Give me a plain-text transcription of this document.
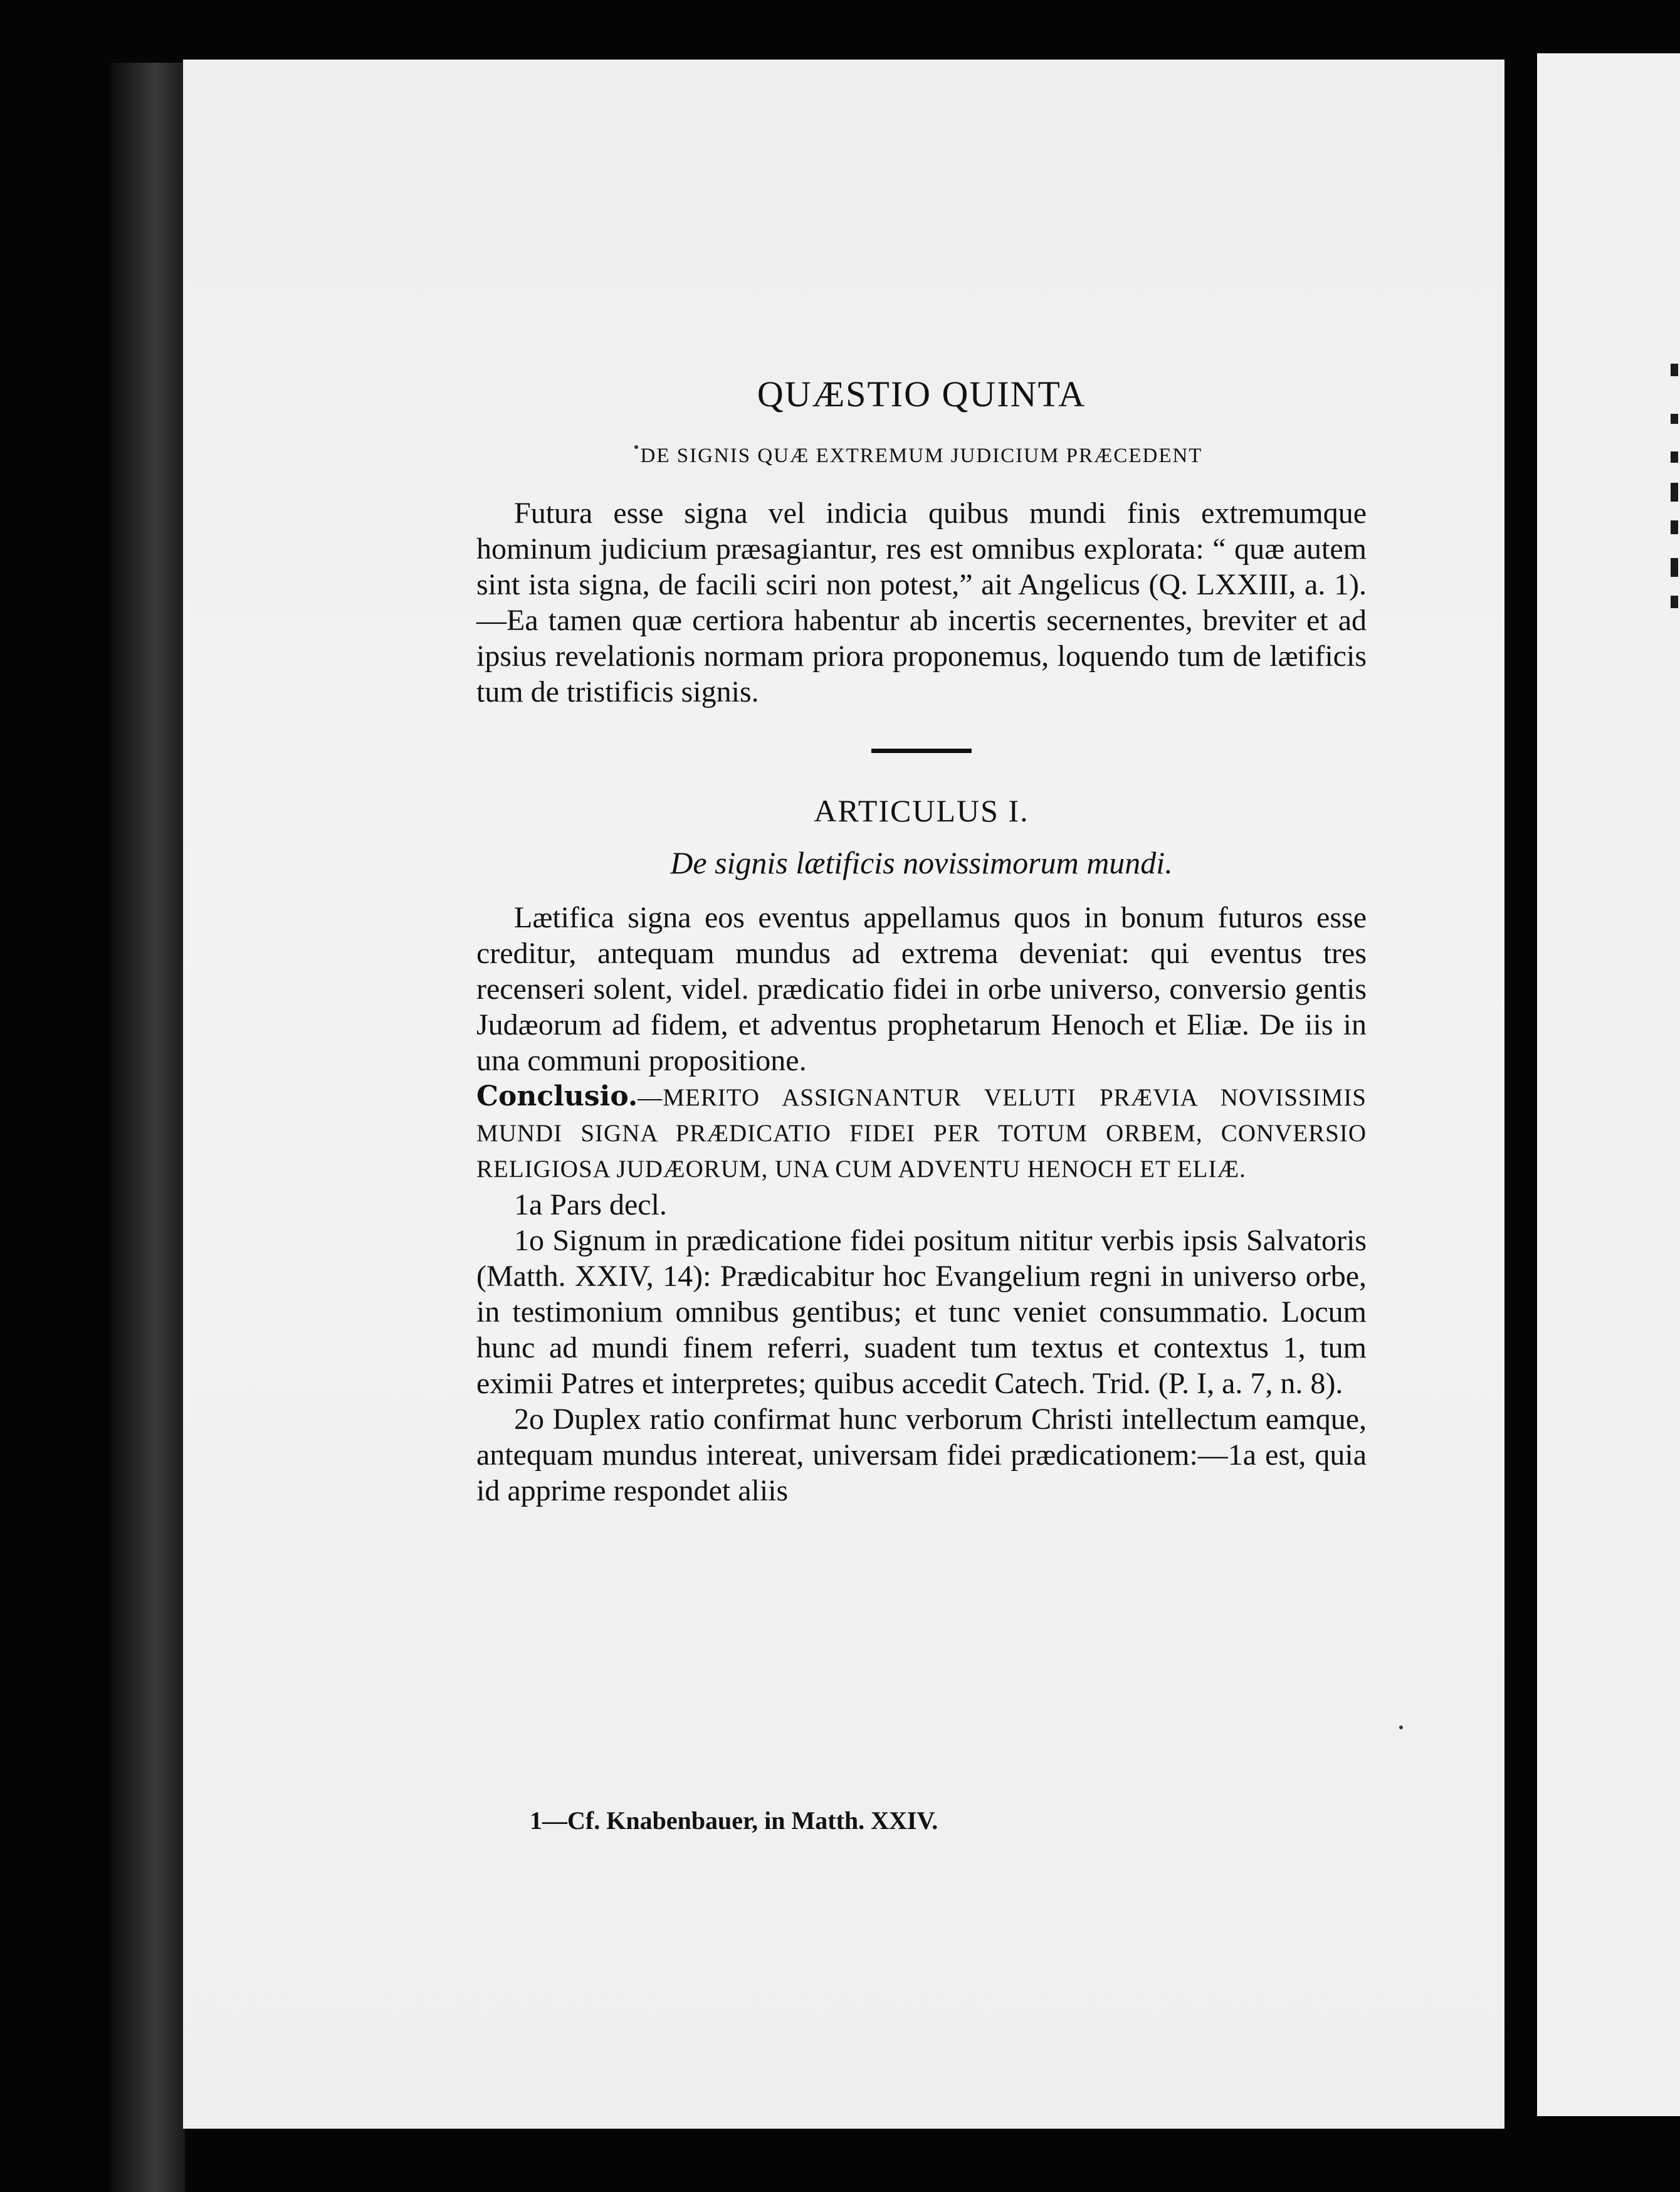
QUÆSTIO QUINTA
DE SIGNIS QUÆ EXTREMUM JUDICIUM PRÆCEDENT

Futura esse signa vel indicia quibus mundi finis extremumque hominum judicium præsagiantur, res est omnibus explorata: “ quæ autem sint ista signa, de facili sciri non potest,” ait Angelicus (Q. LXXIII, a. 1).—Ea tamen quæ certiora habentur ab incertis secernentes, breviter et ad ipsius revelationis normam priora proponemus, loquendo tum de lætificis tum de tristificis signis.

ARTICULUS I.
De signis lætificis novissimorum mundi.

Lætifica signa eos eventus appellamus quos in bonum futuros esse creditur, antequam mundus ad extrema deveniat: qui eventus tres recenseri solent, videl. prædicatio fidei in orbe universo, conversio gentis Judæorum ad fidem, et adventus prophetarum Henoch et Eliæ. De iis in una communi propositione.

Conclusio.—MERITO ASSIGNANTUR VELUTI PRÆVIA NOVISSIMIS MUNDI SIGNA PRÆDICATIO FIDEI PER TOTUM ORBEM, CONVERSIO RELIGIOSA JUDÆORUM, UNA CUM ADVENTU HENOCH ET ELIÆ.

1a Pars decl.

1o Signum in prædicatione fidei positum nititur verbis ipsis Salvatoris (Matth. XXIV, 14): Prædicabitur hoc Evangelium regni in universo orbe, in testimonium omnibus gentibus; et tunc veniet consummatio. Locum hunc ad mundi finem referri, suadent tum textus et contextus 1, tum eximii Patres et interpretes; quibus accedit Catech. Trid. (P. I, a. 7, n. 8).

2o Duplex ratio confirmat hunc verborum Christi intellectum eamque, antequam mundus intereat, universam fidei prædicationem:—1a est, quia id apprime respondet aliis

1—Cf. Knabenbauer, in Matth. XXIV.
